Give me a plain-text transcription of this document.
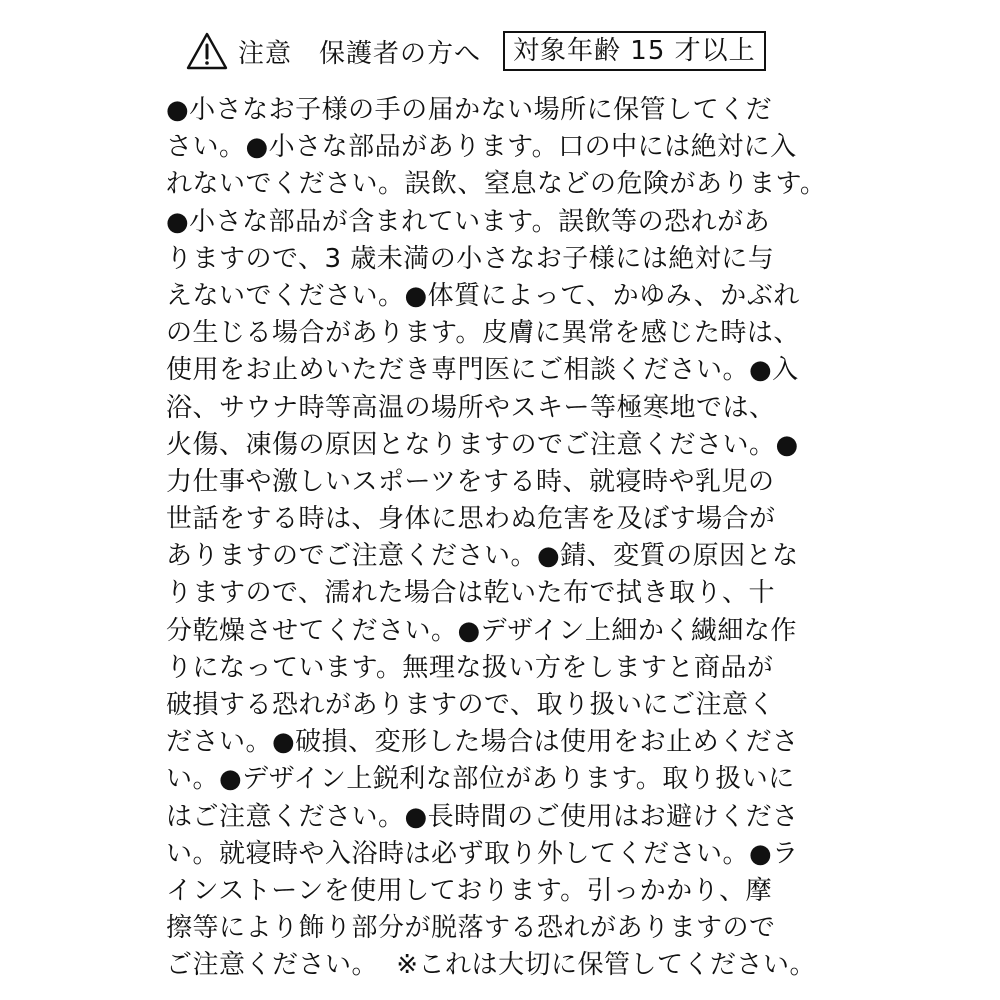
注意　保護者の方へ	対象年齢 15 才以上
●小さなお子様の手の届かない場所に保管してくだ
さい。●小さな部品があります。口の中には絶対に入
れないでください。誤飲、窒息などの危険があります。
●小さな部品が含まれています。誤飲等の恐れがあ
りますので、3 歳未満の小さなお子様には絶対に与
えないでください。●体質によって、かゆみ、かぶれ
の生じる場合があります。皮膚に異常を感じた時は、
使用をお止めいただき専門医にご相談ください。●入
浴、サウナ時等高温の場所やスキー等極寒地では、
火傷、凍傷の原因となりますのでご注意ください。●
力仕事や激しいスポーツをする時、就寝時や乳児の
世話をする時は、身体に思わぬ危害を及ぼす場合が
ありますのでご注意ください。●錆、変質の原因とな
りますので、濡れた場合は乾いた布で拭き取り、十
分乾燥させてください。●デザイン上細かく繊細な作
りになっています。無理な扱い方をしますと商品が
破損する恐れがありますので、取り扱いにご注意く
ださい。●破損、変形した場合は使用をお止めくださ
い。●デザイン上鋭利な部位があります。取り扱いに
はご注意ください。●長時間のご使用はお避けくださ
い。就寝時や入浴時は必ず取り外してください。●ラ
インストーンを使用しております。引っかかり、摩
擦等により飾り部分が脱落する恐れがありますので
ご注意ください。 ※これは大切に保管してください。
